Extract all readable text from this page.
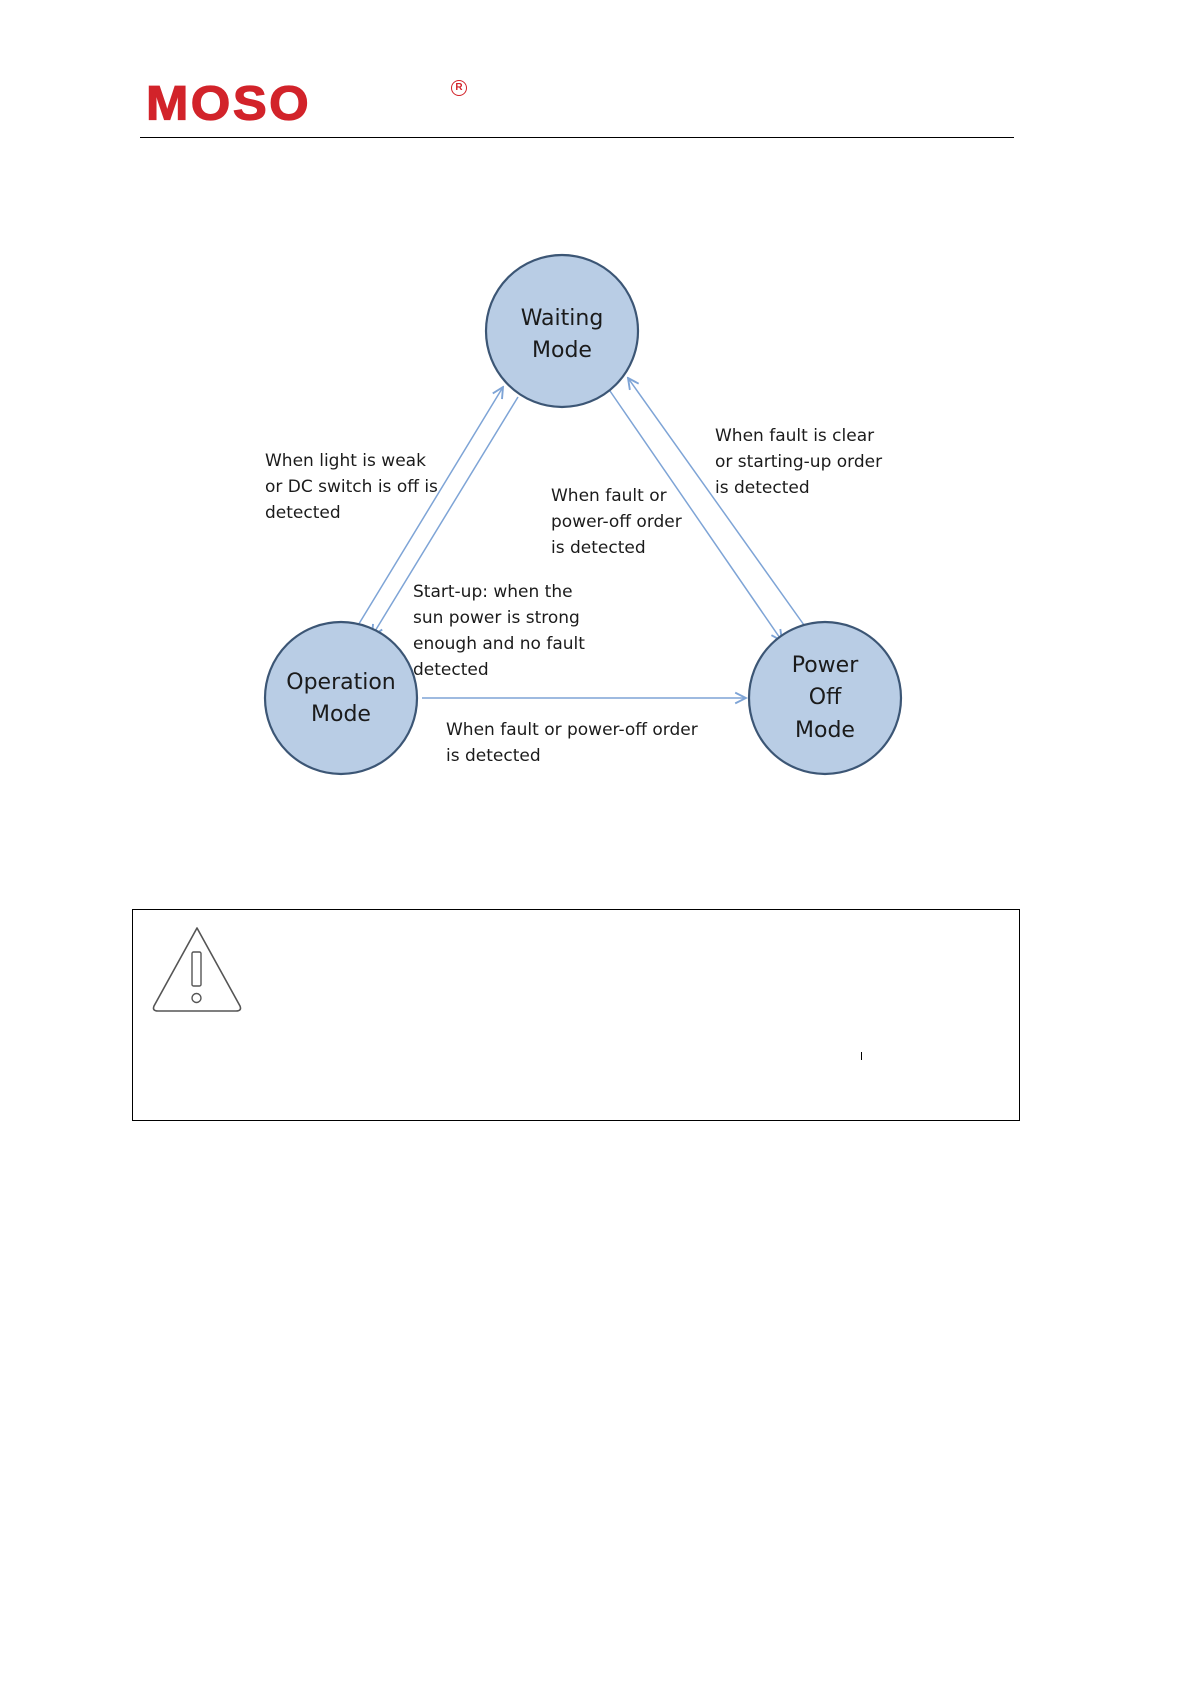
MOSO	R
Waiting
Mode
Operation
Mode
Power
Off
Mode
When light is weak
or DC switch is off is
detected
Start-up: when the
sun power is strong
enough and no fault
detected
When fault or
power-off order
is detected
When fault is clear
or starting-up order
is detected
When fault or power-off order
is detected
